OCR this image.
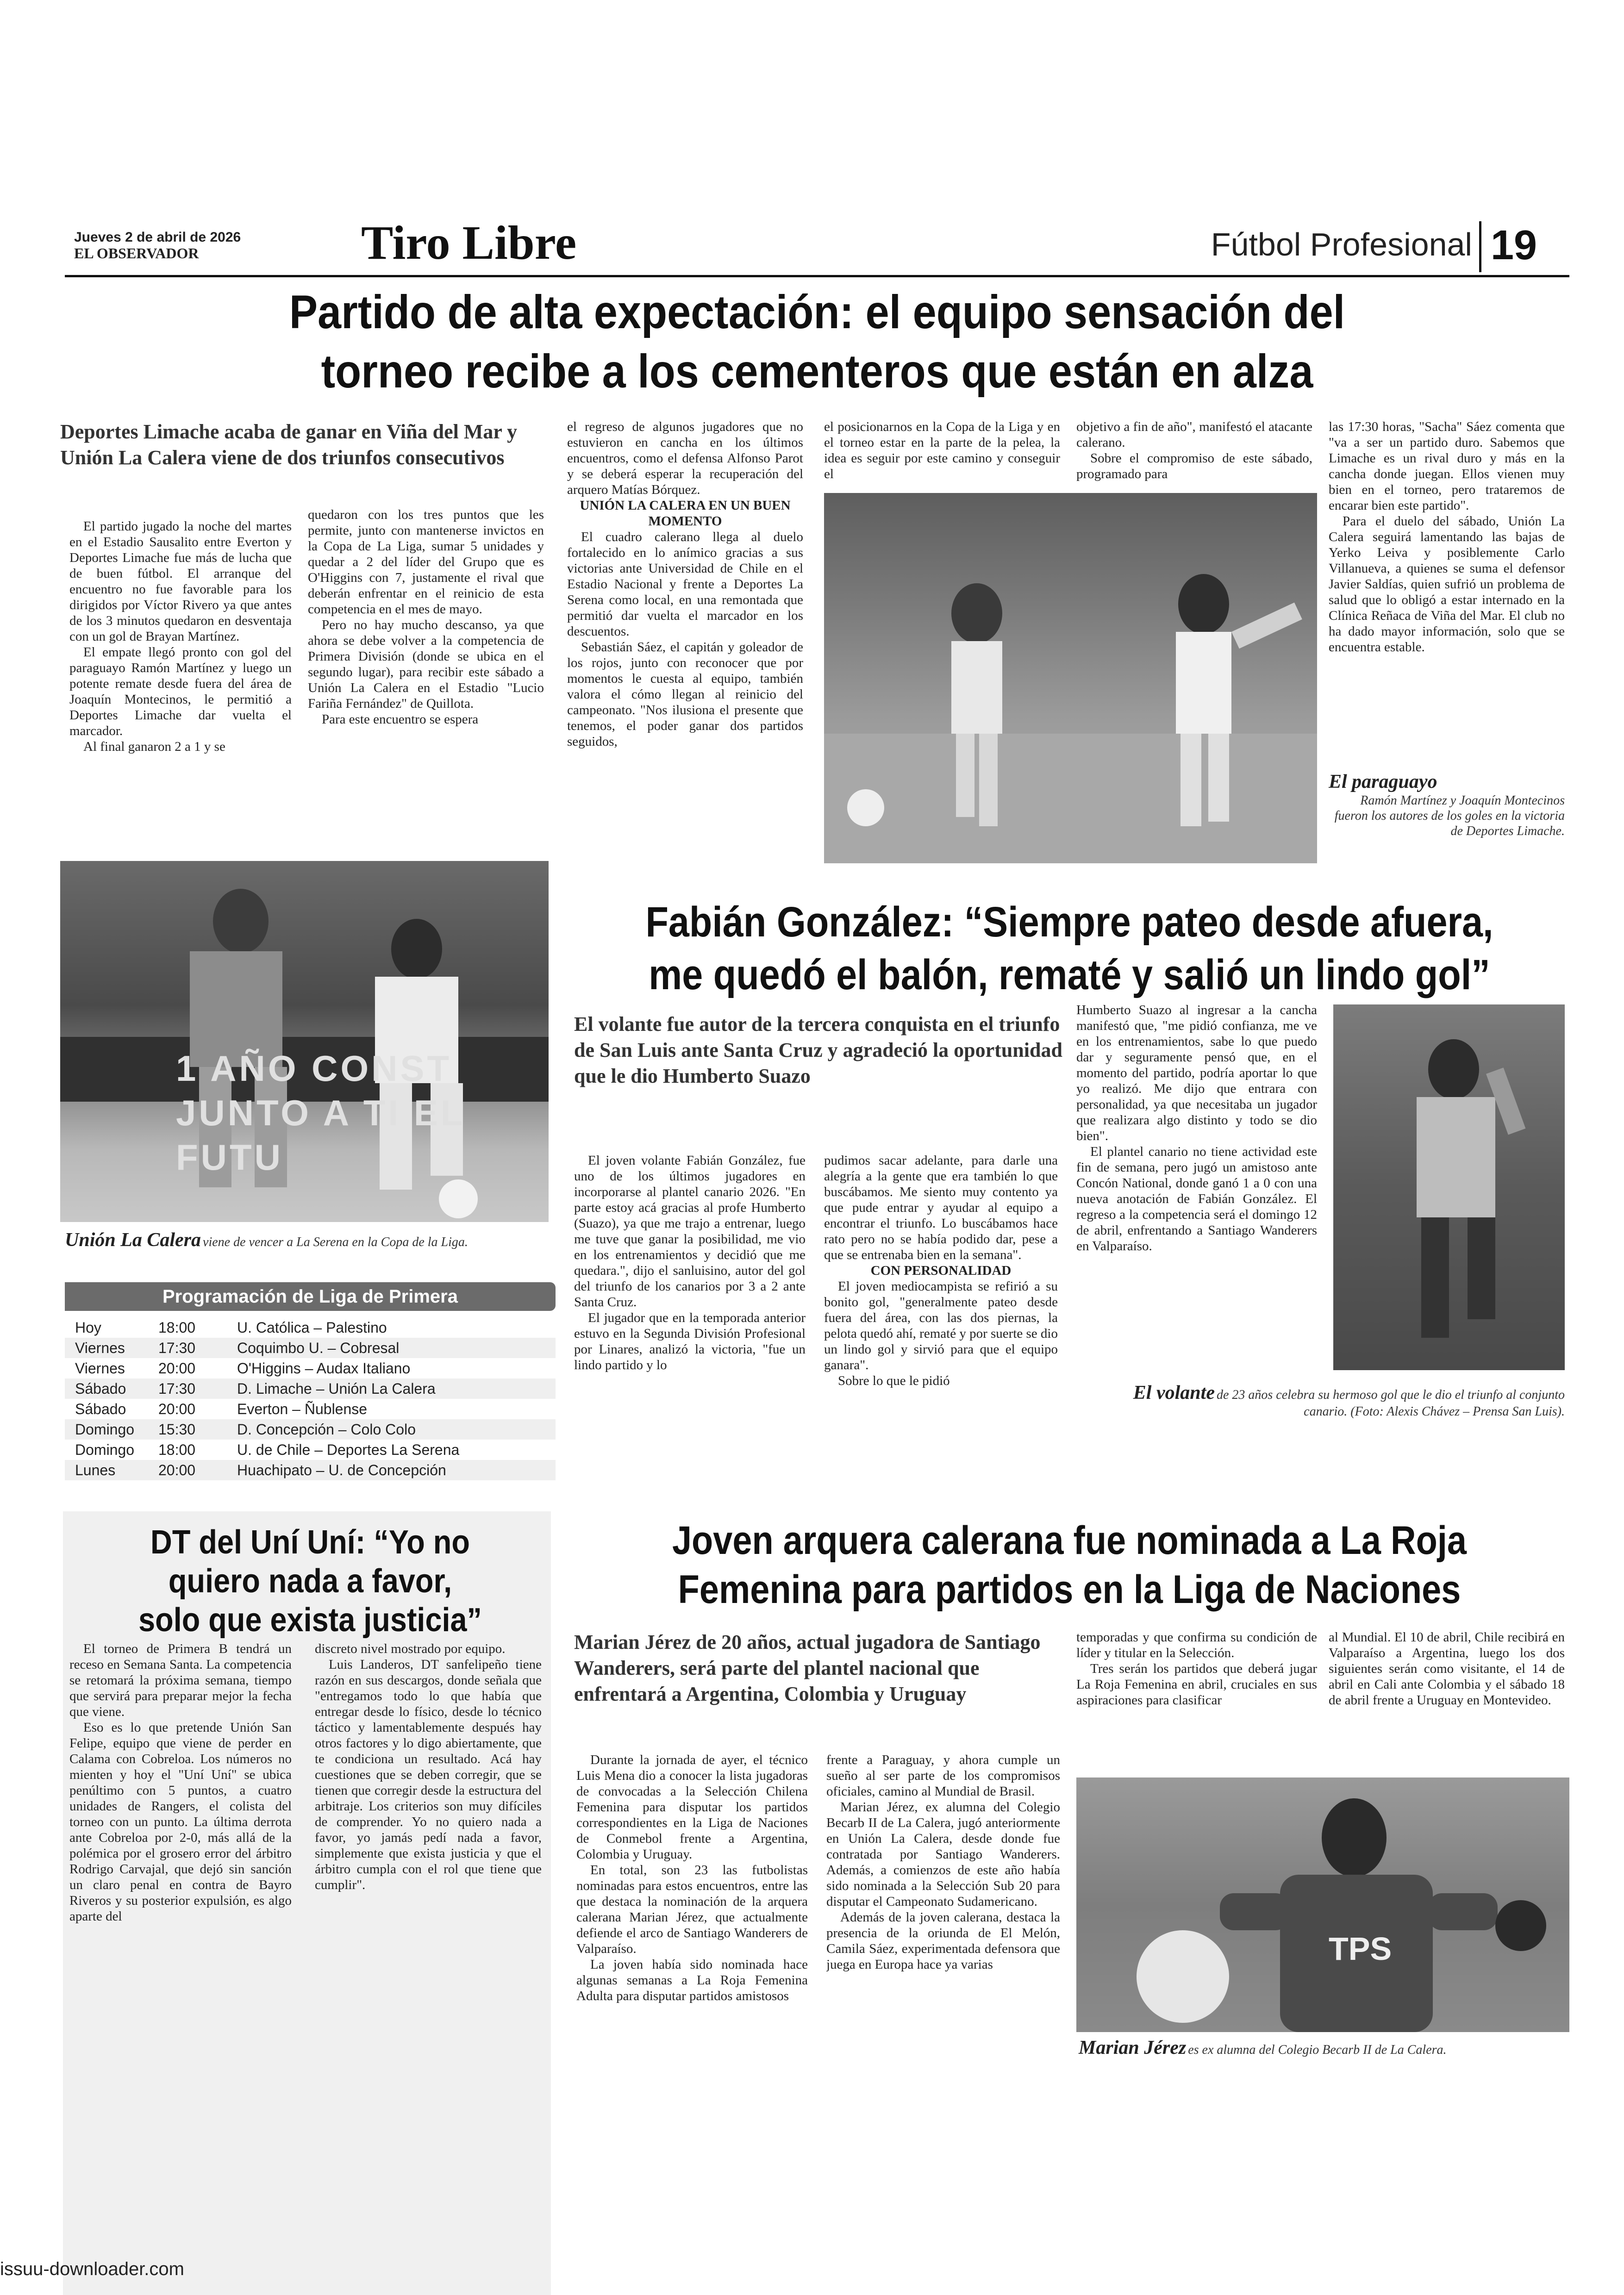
Jueves 2 de abril de 2026
EL OBSERVADOR	Tiro Libre	Fútbol Profesional 19
Partido de alta expectación: el equipo sensación del
torneo recibe a los cementeros que están en alza
Deportes Limache acaba de ganar en Viña del Mar y Unión La Calera viene de dos triunfos consecutivos

El partido jugado la noche del martes en el Estadio Sausalito entre Everton y Deportes Limache fue más de lucha que de buen fútbol. El arranque del encuentro no fue favorable para los dirigidos por Víctor Rivero ya que antes de los 3 minutos quedaron en desventaja con un gol de Brayan Martínez.

El empate llegó pronto con gol del paraguayo Ramón Martínez y luego un potente remate desde fuera del área de Joaquín Montecinos, le permitió a Deportes Limache dar vuelta el marcador.

Al final ganaron 2 a 1 y se

quedaron con los tres puntos que les permite, junto con mantenerse invictos en la Copa de La Liga, sumar 5 unidades y quedar a 2 del líder del Grupo que es O'Higgins con 7, justamente el rival que deberán enfrentar en el reinicio de esta competencia en el mes de mayo.

Pero no hay mucho descanso, ya que ahora se debe volver a la competencia de Primera División (donde se ubica en el segundo lugar), para recibir este sábado a Unión La Calera en el Estadio "Lucio Fariña Fernández" de Quillota.

Para este encuentro se espera

el regreso de algunos jugadores que no estuvieron en cancha en los últimos encuentros, como el defensa Alfonso Parot y se deberá esperar la recuperación del arquero Matías Bórquez.

UNIÓN LA CALERA EN UN BUEN MOMENTO

El cuadro calerano llega al duelo fortalecido en lo anímico gracias a sus victorias ante Universidad de Chile en el Estadio Nacional y frente a Deportes La Serena como local, en una remontada que permitió dar vuelta el marcador en los descuentos.

Sebastián Sáez, el capitán y goleador de los rojos, junto con reconocer que por momentos le cuesta al equipo, también valora el cómo llegan al reinicio del campeonato. "Nos ilusiona el presente que tenemos, el poder ganar dos partidos seguidos,

el posicionarnos en la Copa de la Liga y en el torneo estar en la parte de la pelea, la idea es seguir por este camino y conseguir el

objetivo a fin de año", manifestó el atacante calerano.

Sobre el compromiso de este sábado, programado para

las 17:30 horas, "Sacha" Sáez comenta que "va a ser un partido duro. Sabemos que Limache es un rival duro y más en la cancha donde juegan. Ellos vienen muy bien en el torneo, pero trataremos de encarar bien este partido".

Para el duelo del sábado, Unión La Calera seguirá lamentando las bajas de Yerko Leiva y posiblemente Carlo Villanueva, a quienes se suma el defensor Javier Saldías, quien sufrió un problema de salud que lo obligó a estar internado en la Clínica Reñaca de Viña del Mar. El club no ha dado mayor información, solo que se encuentra estable.

El paraguayo
Ramón Martínez y Joaquín Montecinos fueron los autores de los goles en la victoria de Deportes Limache.
1 AÑO CONST JUNTO A TI EL FUTU
Unión La Calera viene de vencer a La Serena en la Copa de la Liga.
Programación de Liga de Primera
Hoy	18:00	U. Católica – Palestino
Viernes	17:30	Coquimbo U. – Cobresal
Viernes	20:00	O'Higgins – Audax Italiano
Sábado	17:30	D. Limache – Unión La Calera
Sábado	20:00	Everton – Ñublense
Domingo	15:30	D. Concepción – Colo Colo
Domingo	18:00	U. de Chile – Deportes La Serena
Lunes	20:00	Huachipato – U. de Concepción
DT del Uní Uní: “Yo no
quiero nada a favor,
solo que exista justicia”

El torneo de Primera B tendrá un receso en Semana Santa. La competencia se retomará la próxima semana, tiempo que servirá para preparar mejor la fecha que viene.

Eso es lo que pretende Unión San Felipe, equipo que viene de perder en Calama con Cobreloa. Los números no mienten y hoy el "Uní Uní" se ubica penúltimo con 5 puntos, a cuatro unidades de Rangers, el colista del torneo con un punto. La última derrota ante Cobreloa por 2-0, más allá de la polémica por el grosero error del árbitro Rodrigo Carvajal, que dejó sin sanción un claro penal en contra de Bayro Riveros y su posterior expulsión, es algo aparte del

discreto nivel mostrado por equipo.

Luis Landeros, DT sanfelipeño tiene razón en sus descargos, donde señala que "entregamos todo lo que había que entregar desde lo físico, desde lo técnico táctico y lamentablemente después hay otros factores y lo digo abiertamente, que te condiciona un resultado. Acá hay cuestiones que se deben corregir, que se tienen que corregir desde la estructura del arbitraje. Los criterios son muy difíciles de comprender. Yo no quiero nada a favor, yo jamás pedí nada a favor, simplemente que exista justicia y que el árbitro cumpla con el rol que tiene que cumplir".

Fabián González: “Siempre pateo desde afuera,
me quedó el balón, rematé y salió un lindo gol”
El volante fue autor de la tercera conquista en el triunfo de San Luis ante Santa Cruz y agradeció la oportunidad que le dio Humberto Suazo

El joven volante Fabián González, fue uno de los últimos jugadores en incorporarse al plantel canario 2026. "En parte estoy acá gracias al profe Humberto (Suazo), ya que me trajo a entrenar, luego me tuve que ganar la posibilidad, me vio en los entrenamientos y decidió que me quedara.", dijo el sanluisino, autor del gol del triunfo de los canarios por 3 a 2 ante Santa Cruz.

El jugador que en la temporada anterior estuvo en la Segunda División Profesional por Linares, analizó la victoria, "fue un lindo partido y lo

pudimos sacar adelante, para darle una alegría a la gente que era también lo que buscábamos. Me siento muy contento ya que pude entrar y ayudar al equipo a encontrar el triunfo. Lo buscábamos hace rato pero no se había podido dar, pese a que se entrenaba bien en la semana".

CON PERSONALIDAD

El joven mediocampista se refirió a su bonito gol, "generalmente pateo desde fuera del área, con las dos piernas, la pelota quedó ahí, rematé y por suerte se dio un lindo gol y sirvió para que el equipo ganara".

Sobre lo que le pidió

Humberto Suazo al ingresar a la cancha manifestó que, "me pidió confianza, me ve en los entrenamientos, sabe lo que puedo dar y seguramente pensó que, en el momento del partido, podría aportar lo que yo realizó. Me dijo que entrara con personalidad, ya que necesitaba un jugador que realizara algo distinto y todo se dio bien".

El plantel canario no tiene actividad este fin de semana, pero jugó un amistoso ante Concón National, donde ganó 1 a 0 con una nueva anotación de Fabián González. El regreso a la competencia será el domingo 12 de abril, enfrentando a Santiago Wanderers en Valparaíso.

El volante de 23 años celebra su hermoso gol que le dio el triunfo al conjunto canario. (Foto: Alexis Chávez – Prensa San Luis).
Joven arquera calerana fue nominada a La Roja
Femenina para partidos en la Liga de Naciones
Marian Jérez de 20 años, actual jugadora de Santiago Wanderers, será parte del plantel nacional que enfrentará a Argentina, Colombia y Uruguay

Durante la jornada de ayer, el técnico Luis Mena dio a conocer la lista jugadoras de convocadas a la Selección Chilena Femenina para disputar los partidos correspondientes en la Liga de Naciones de Conmebol frente a Argentina, Colombia y Uruguay.

En total, son 23 las futbolistas nominadas para estos encuentros, entre las que destaca la nominación de la arquera calerana Marian Jérez, que actualmente defiende el arco de Santiago Wanderers de Valparaíso.

La joven había sido nominada hace algunas semanas a La Roja Femenina Adulta para disputar partidos amistosos

frente a Paraguay, y ahora cumple un sueño al ser parte de los compromisos oficiales, camino al Mundial de Brasil.

Marian Jérez, ex alumna del Colegio Becarb II de La Calera, jugó anteriormente en Unión La Calera, desde donde fue contratada por Santiago Wanderers. Además, a comienzos de este año había sido nominada a la Selección Sub 20 para disputar el Campeonato Sudamericano.

Además de la joven calerana, destaca la presencia de la oriunda de El Melón, Camila Sáez, experimentada defensora que juega en Europa hace ya varias

temporadas y que confirma su condición de líder y titular en la Selección.

Tres serán los partidos que deberá jugar La Roja Femenina en abril, cruciales en sus aspiraciones para clasificar

al Mundial. El 10 de abril, Chile recibirá en Valparaíso a Argentina, luego los dos siguientes serán como visitante, el 14 de abril en Cali ante Colombia y el sábado 18 de abril frente a Uruguay en Montevideo.

TPS
Marian Jérez es ex alumna del Colegio Becarb II de La Calera.
issuu-downloader.com
